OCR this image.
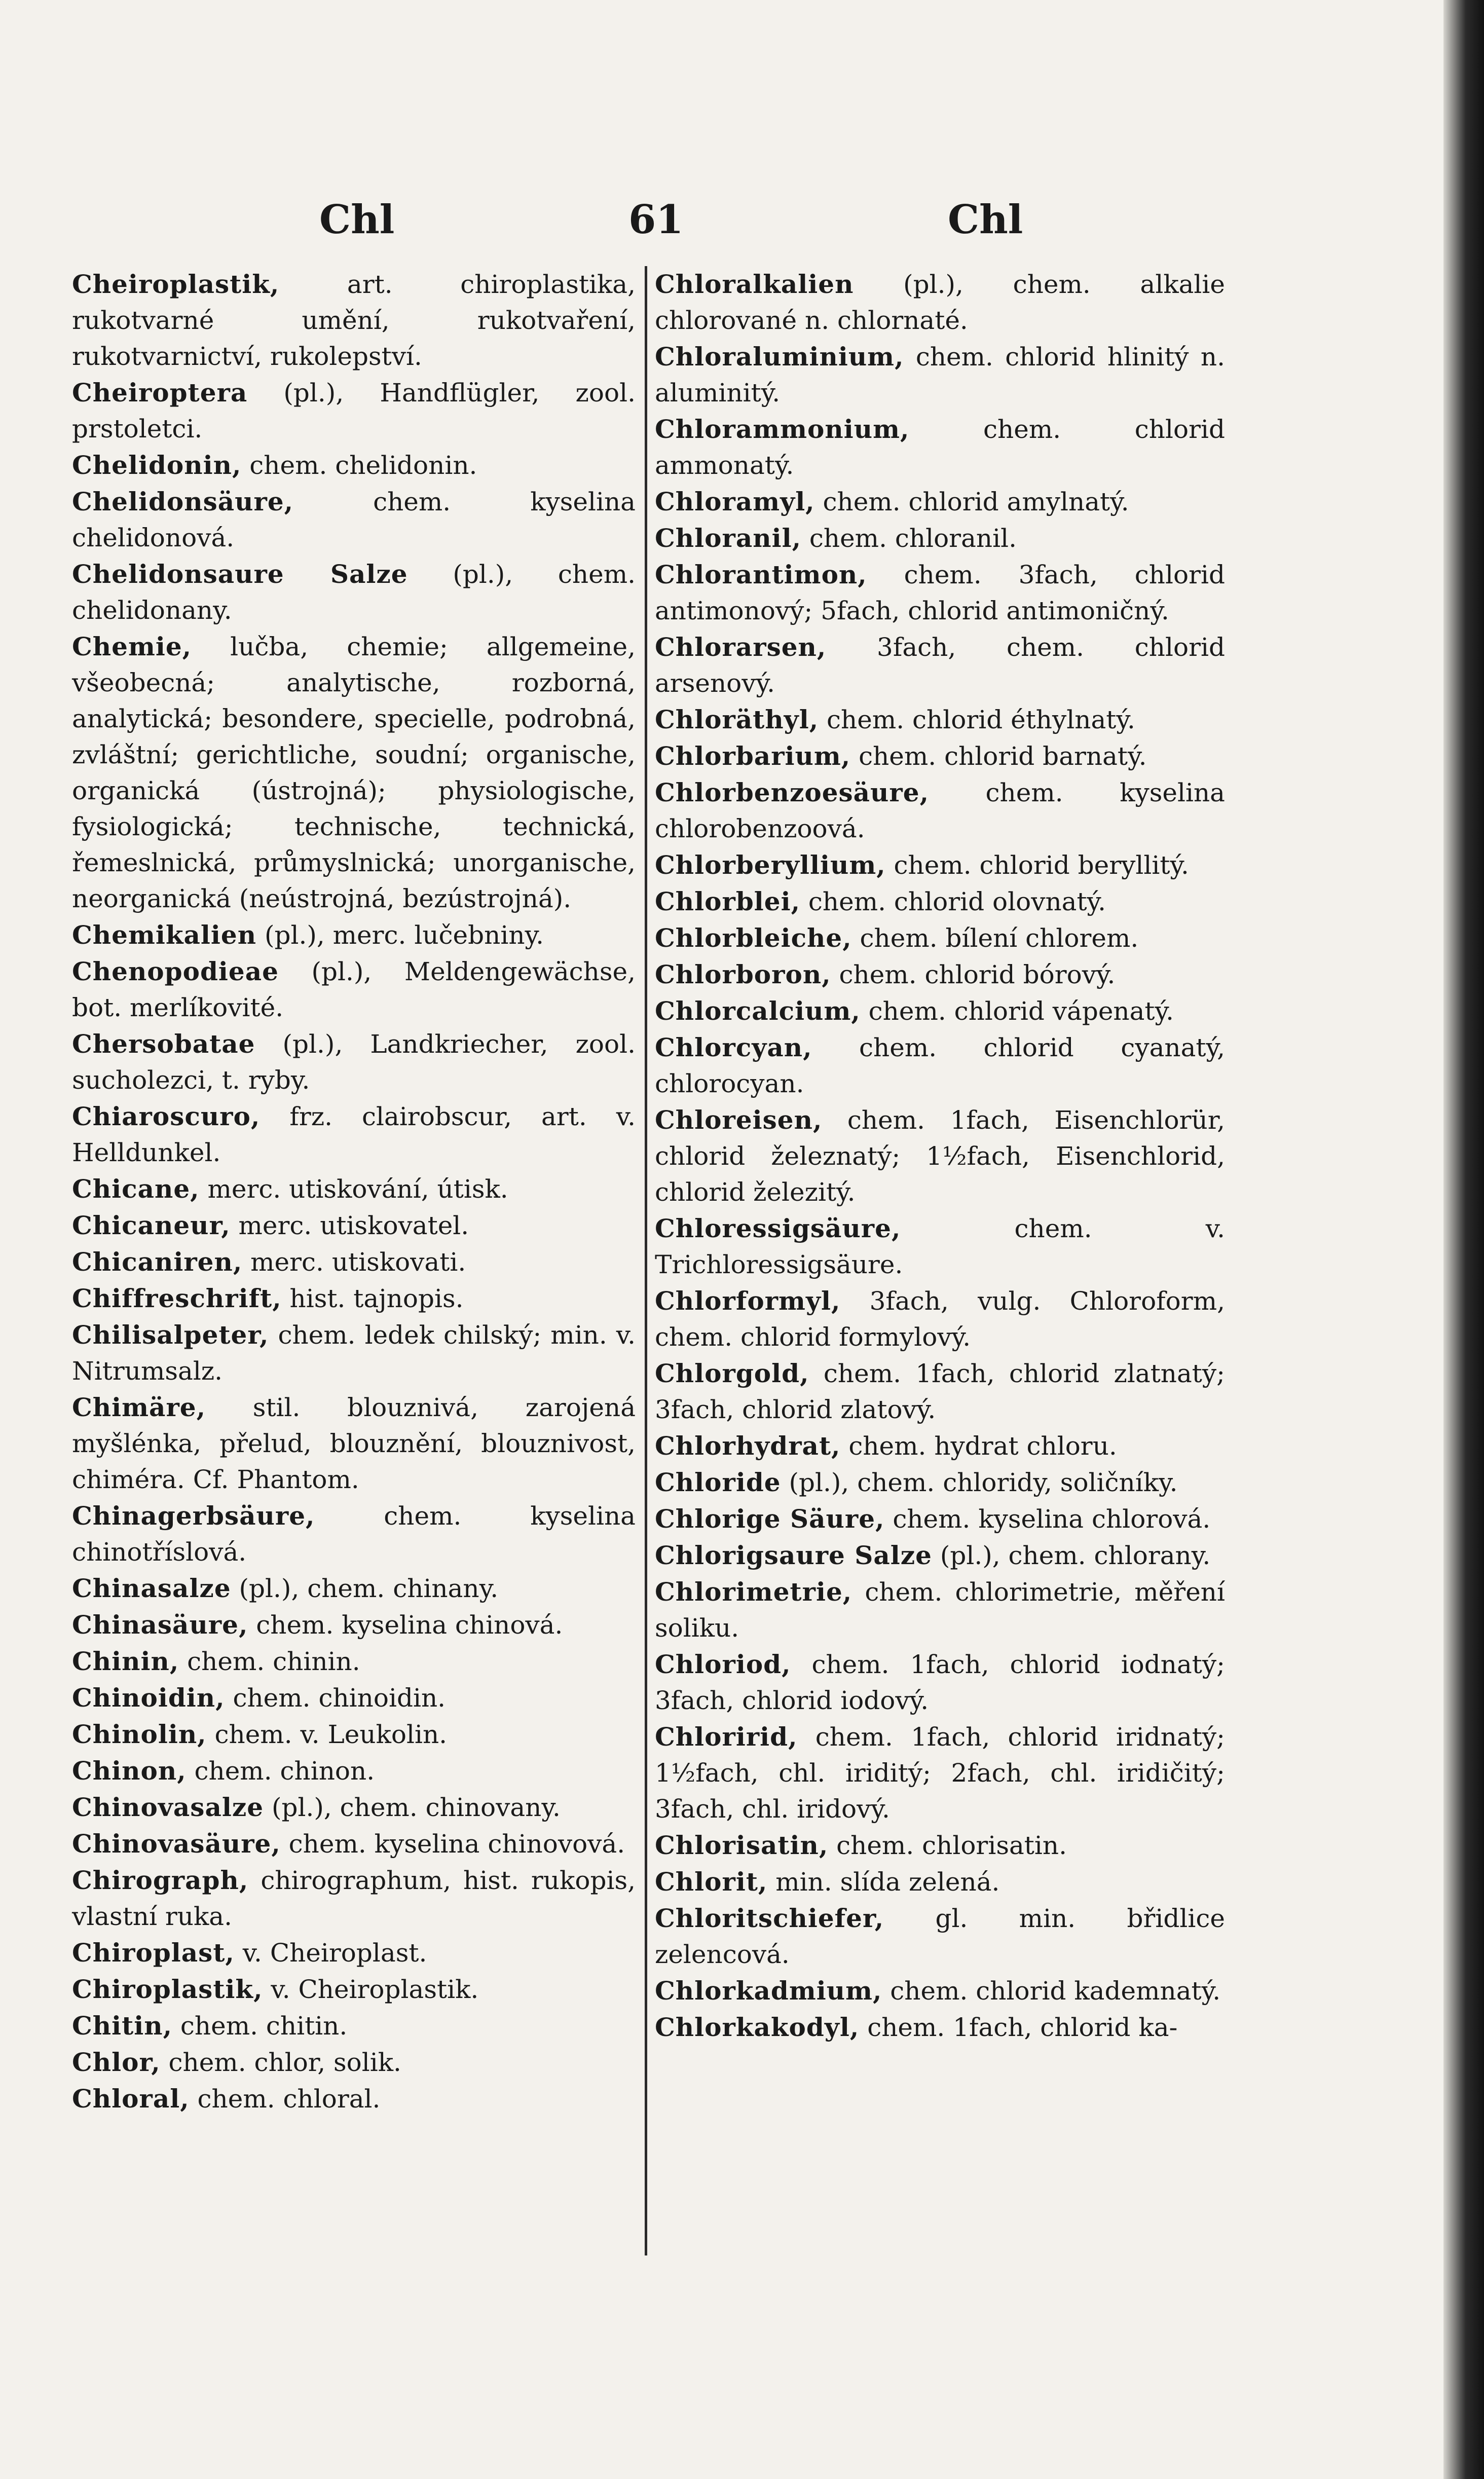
Chl	61	Chl

Cheiroplastik, art. chiroplastika, rukotvarné umění, rukotvaření, rukotvarnictví, rukolepství.

Cheiroptera (pl.), Handflügler, zool. prstoletci.

Chelidonin, chem. chelidonin.

Chelidonsäure, chem. kyselina chelidonová.

Chelidonsaure Salze (pl.), chem. chelidonany.

Chemie, lučba, chemie; allgemeine, všeobecná; analytische, rozborná, analytická; besondere, specielle, podrobná, zvláštní; gerichtliche, soudní; organische, organická (ústrojná); physiologische, fysiologická; technische, technická, řemeslnická, průmyslnická; unorganische, neorganická (neústrojná, bezústrojná).

Chemikalien (pl.), merc. lučebniny.

Chenopodieae (pl.), Meldengewächse, bot. merlíkovité.

Chersobatae (pl.), Landkriecher, zool. sucholezci, t. ryby.

Chiaroscuro, frz. clairobscur, art. v. Helldunkel.

Chicane, merc. utiskování, útisk.

Chicaneur, merc. utiskovatel.

Chicaniren, merc. utiskovati.

Chiffreschrift, hist. tajnopis.

Chilisalpeter, chem. ledek chilský; min. v. Nitrumsalz.

Chimäre, stil. blouznivá, zarojená myšlénka, přelud, blouznění, blouznivost, chiméra. Cf. Phantom.

Chinagerbsäure, chem. kyselina chinotříslová.

Chinasalze (pl.), chem. chinany.

Chinasäure, chem. kyselina chinová.

Chinin, chem. chinin.

Chinoidin, chem. chinoidin.

Chinolin, chem. v. Leukolin.

Chinon, chem. chinon.

Chinovasalze (pl.), chem. chinovany.

Chinovasäure, chem. kyselina chinovová.

Chirograph, chirographum, hist. rukopis, vlastní ruka.

Chiroplast, v. Cheiroplast.

Chiroplastik, v. Cheiroplastik.

Chitin, chem. chitin.

Chlor, chem. chlor, solik.

Chloral, chem. chloral.

Chloralkalien (pl.), chem. alkalie chlorované n. chlornaté.

Chloraluminium, chem. chlorid hlinitý n. aluminitý.

Chlorammonium, chem. chlorid ammonatý.

Chloramyl, chem. chlorid amylnatý.

Chloranil, chem. chloranil.

Chlorantimon, chem. 3fach, chlorid antimonový; 5fach, chlorid antimoničný.

Chlorarsen, 3fach, chem. chlorid arsenový.

Chloräthyl, chem. chlorid éthylnatý.

Chlorbarium, chem. chlorid barnatý.

Chlorbenzoesäure, chem. kyselina chlorobenzoová.

Chlorberyllium, chem. chlorid beryllitý.

Chlorblei, chem. chlorid olovnatý.

Chlorbleiche, chem. bílení chlorem.

Chlorboron, chem. chlorid bórový.

Chlorcalcium, chem. chlorid vápenatý.

Chlorcyan, chem. chlorid cyanatý, chlorocyan.

Chloreisen, chem. 1fach, Eisenchlorür, chlorid železnatý; 1½fach, Eisenchlorid, chlorid železitý.

Chloressigsäure, chem. v. Trichloressigsäure.

Chlorformyl, 3fach, vulg. Chloroform, chem. chlorid formylový.

Chlorgold, chem. 1fach, chlorid zlatnatý; 3fach, chlorid zlatový.

Chlorhydrat, chem. hydrat chloru.

Chloride (pl.), chem. chloridy, soličníky.

Chlorige Säure, chem. kyselina chlorová.

Chlorigsaure Salze (pl.), chem. chlorany.

Chlorimetrie, chem. chlorimetrie, měření soliku.

Chloriod, chem. 1fach, chlorid iodnatý; 3fach, chlorid iodový.

Chloririd, chem. 1fach, chlorid iridnatý; 1½fach, chl. iriditý; 2fach, chl. iridičitý; 3fach, chl. iridový.

Chlorisatin, chem. chlorisatin.

Chlorit, min. slída zelená.

Chloritschiefer, gl. min. břidlice zelencová.

Chlorkadmium, chem. chlorid kademnatý.

Chlorkakodyl, chem. 1fach, chlorid ka-
